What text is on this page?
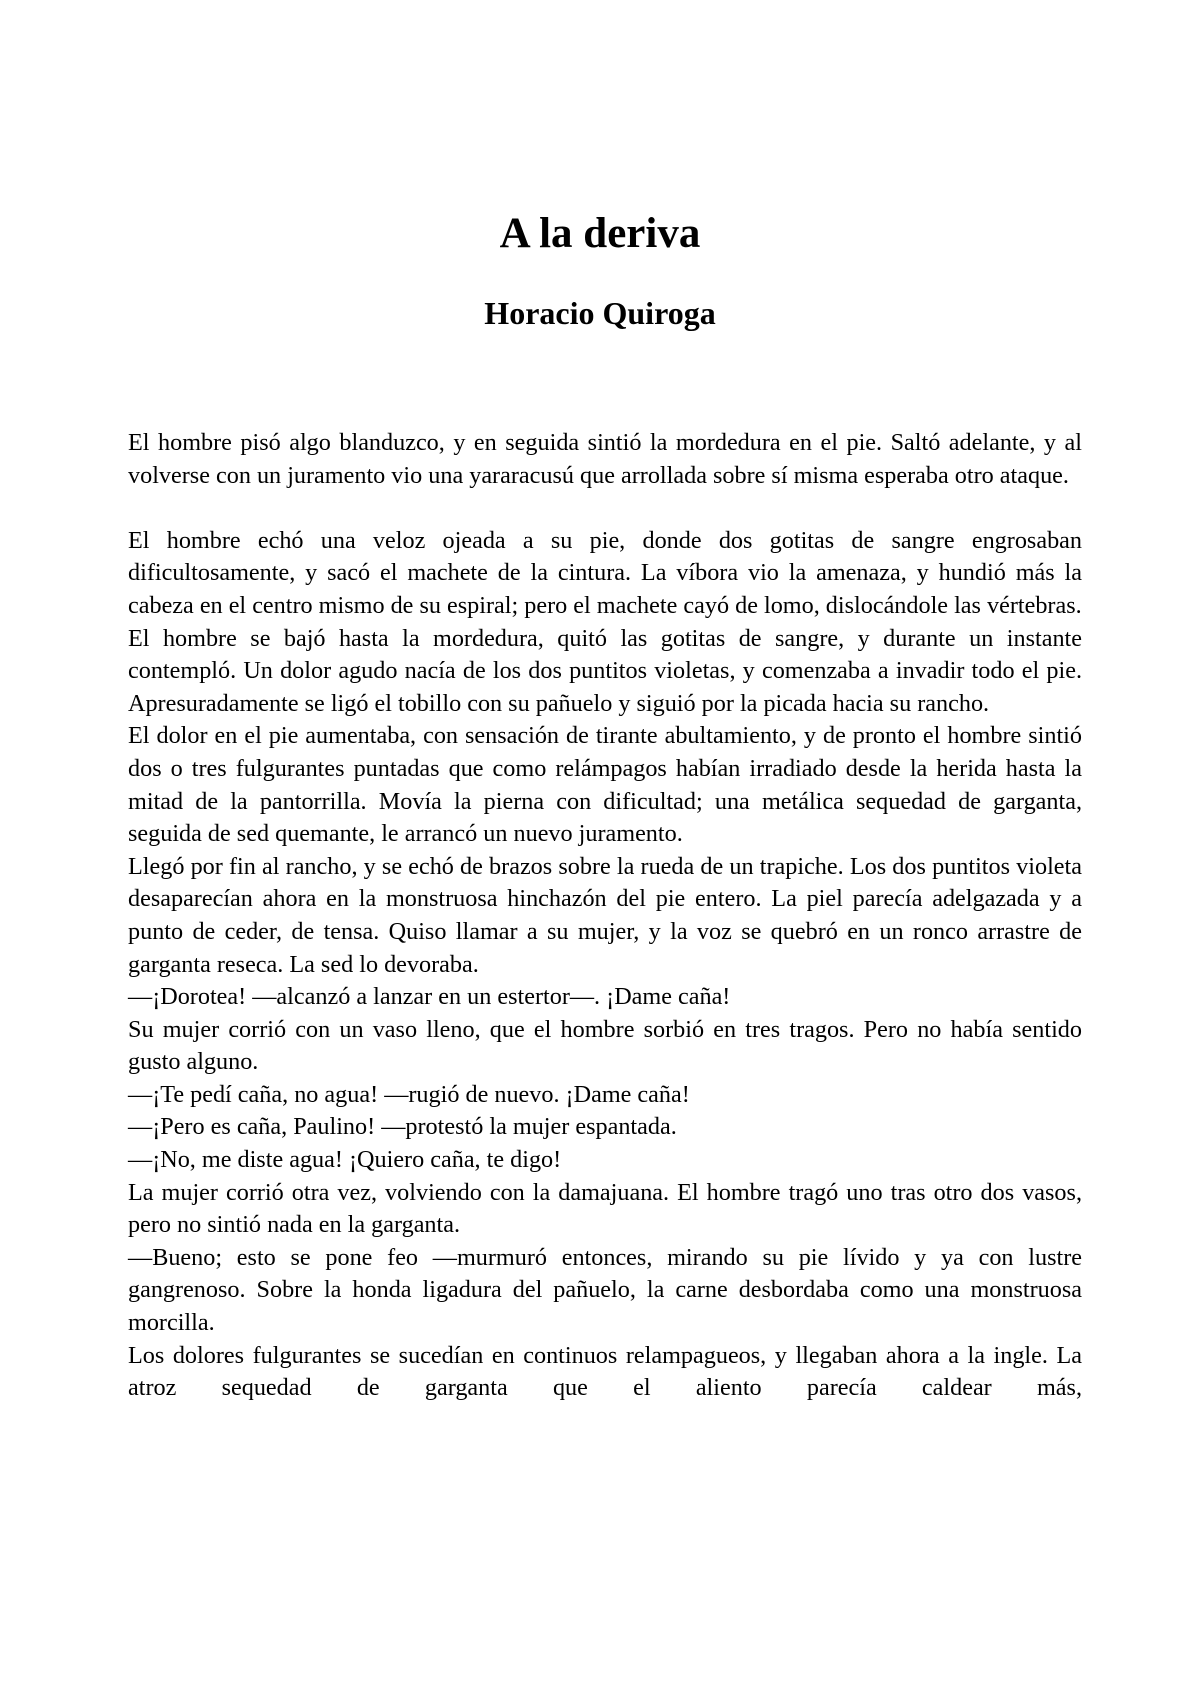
A la deriva
Horacio Quiroga

El hombre pisó algo blanduzco, y en seguida sintió la mordedura en el pie. Saltó adelante, y al volverse con un juramento vio una yararacusú que arrollada sobre sí misma esperaba otro ataque.

El hombre echó una veloz ojeada a su pie, donde dos gotitas de sangre engrosaban dificultosamente, y sacó el machete de la cintura. La víbora vio la amenaza, y hundió más la cabeza en el centro mismo de su espiral; pero el machete cayó de lomo, dislocándole las vértebras.

El hombre se bajó hasta la mordedura, quitó las gotitas de sangre, y durante un instante contempló. Un dolor agudo nacía de los dos puntitos violetas, y comenzaba a invadir todo el pie. Apresuradamente se ligó el tobillo con su pañuelo y siguió por la picada hacia su rancho.

El dolor en el pie aumentaba, con sensación de tirante abultamiento, y de pronto el hombre sintió dos o tres fulgurantes puntadas que como relámpagos habían irradiado desde la herida hasta la mitad de la pantorrilla. Movía la pierna con dificultad; una metálica sequedad de garganta, seguida de sed quemante, le arrancó un nuevo juramento.

Llegó por fin al rancho, y se echó de brazos sobre la rueda de un trapiche. Los dos puntitos violeta desaparecían ahora en la monstruosa hinchazón del pie entero. La piel parecía adelgazada y a punto de ceder, de tensa. Quiso llamar a su mujer, y la voz se quebró en un ronco arrastre de garganta reseca. La sed lo devoraba.

—¡Dorotea! —alcanzó a lanzar en un estertor—. ¡Dame caña!

Su mujer corrió con un vaso lleno, que el hombre sorbió en tres tragos. Pero no había sentido gusto alguno.

—¡Te pedí caña, no agua! —rugió de nuevo. ¡Dame caña!

—¡Pero es caña, Paulino! —protestó la mujer espantada.

—¡No, me diste agua! ¡Quiero caña, te digo!

La mujer corrió otra vez, volviendo con la damajuana. El hombre tragó uno tras otro dos vasos, pero no sintió nada en la garganta.

—Bueno; esto se pone feo —murmuró entonces, mirando su pie lívido y ya con lustre gangrenoso. Sobre la honda ligadura del pañuelo, la carne desbordaba como una monstruosa morcilla.

Los dolores fulgurantes se sucedían en continuos relampagueos, y llegaban ahora a la ingle. La atroz sequedad de garganta que el aliento parecía caldear más,
